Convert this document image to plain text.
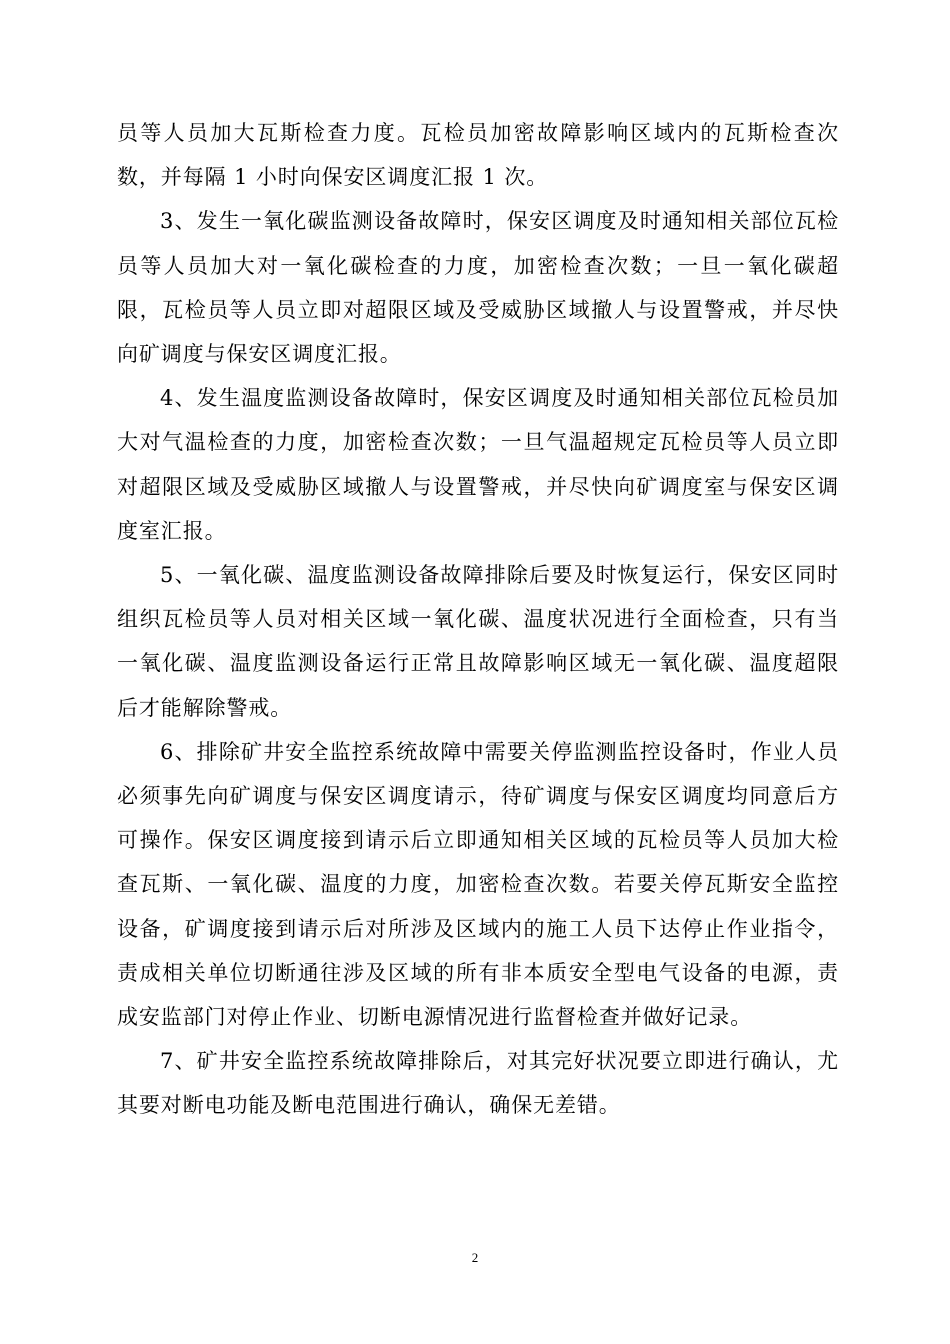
员等人员加大瓦斯检查力度。瓦检员加密故障影响区域内的瓦斯检查次数，并每隔 1 小时向保安区调度汇报 1 次。

3、发生一氧化碳监测设备故障时，保安区调度及时通知相关部位瓦检员等人员加大对一氧化碳检查的力度，加密检查次数；一旦一氧化碳超限，瓦检员等人员立即对超限区域及受威胁区域撤人与设置警戒，并尽快向矿调度与保安区调度汇报。

4、发生温度监测设备故障时，保安区调度及时通知相关部位瓦检员加大对气温检查的力度，加密检查次数；一旦气温超规定瓦检员等人员立即对超限区域及受威胁区域撤人与设置警戒，并尽快向矿调度室与保安区调度室汇报。

5、一氧化碳、温度监测设备故障排除后要及时恢复运行，保安区同时组织瓦检员等人员对相关区域一氧化碳、温度状况进行全面检查，只有当一氧化碳、温度监测设备运行正常且故障影响区域无一氧化碳、温度超限后才能解除警戒。

6、排除矿井安全监控系统故障中需要关停监测监控设备时，作业人员必须事先向矿调度与保安区调度请示，待矿调度与保安区调度均同意后方可操作。保安区调度接到请示后立即通知相关区域的瓦检员等人员加大检查瓦斯、一氧化碳、温度的力度，加密检查次数。若要关停瓦斯安全监控设备，矿调度接到请示后对所涉及区域内的施工人员下达停止作业指令，责成相关单位切断通往涉及区域的所有非本质安全型电气设备的电源，责成安监部门对停止作业、切断电源情况进行监督检查并做好记录。

7、矿井安全监控系统故障排除后，对其完好状况要立即进行确认，尤其要对断电功能及断电范围进行确认，确保无差错。

2
